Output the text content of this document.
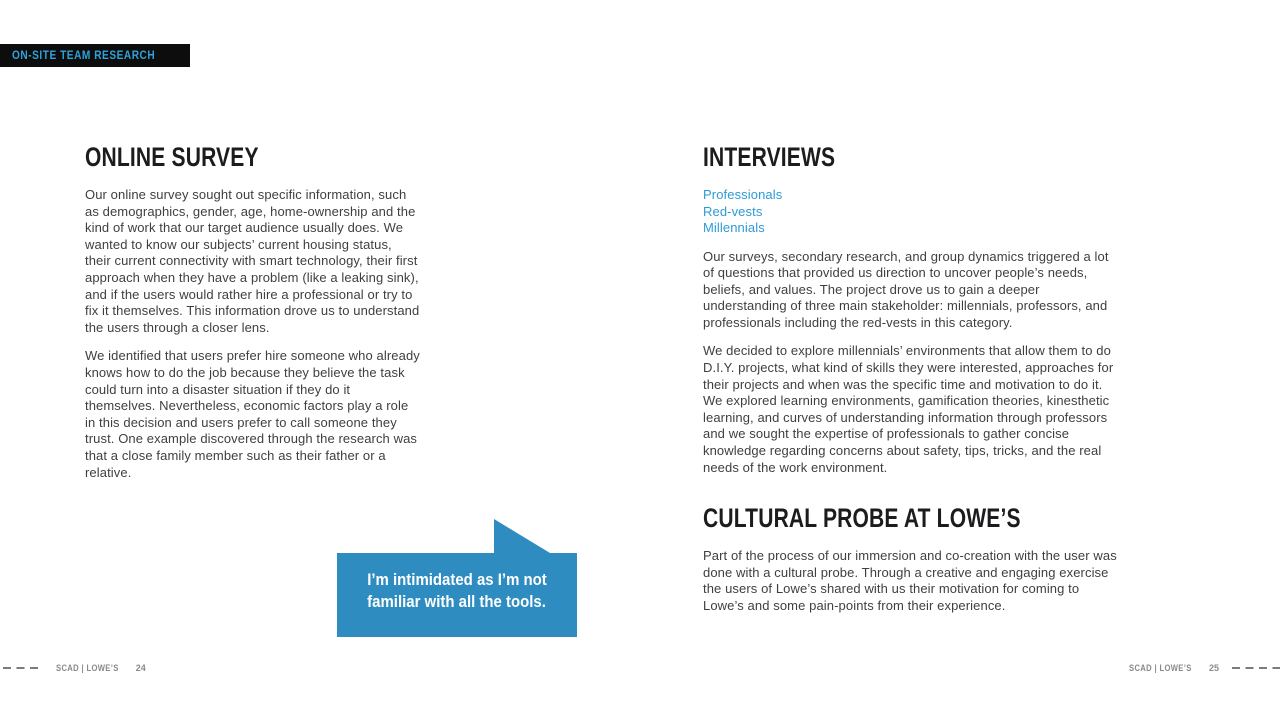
ON-SITE TEAM RESEARCH
ONLINE SURVEY

Our online survey sought out specific information, such as demographics, gender, age, home-ownership and the kind of work that our target audience usually does. We wanted to know our subjects’ current housing status, their current connectivity with smart technology, their first approach when they have a problem (like a leaking sink), and if the users would rather hire a professional or try to fix it themselves. This information drove us to understand the users through a closer lens.

We identified that users prefer hire someone who already knows how to do the job because they believe the task could turn into a disaster situation if they do it themselves. Nevertheless, economic factors play a role in this decision and users prefer to call someone they trust. One example discovered through the research was that a close family member such as their father or a relative.

INTERVIEWS
Professionals
Red-vests
Millennials

Our surveys, secondary research, and group dynamics triggered a lot of questions that provided us direction to uncover people’s needs, beliefs, and values. The project drove us to gain a deeper understanding of three main stakeholder: millennials, professors, and professionals including the red-vests in this category.

We decided to explore millennials’ environments that allow them to do D.I.Y. projects, what kind of skills they were interested, approaches for their projects and when was the specific time and motivation to do it. We explored learning environments, gamification theories, kinesthetic learning, and curves of understanding information through professors and we sought the expertise of professionals to gather concise knowledge regarding concerns about safety, tips, tricks, and the real needs of the work environment.

CULTURAL PROBE AT LOWE’S

Part of the process of our immersion and co-creation with the user was done with a cultural probe. Through a creative and engaging exercise the users of Lowe’s shared with us their motivation for coming to Lowe’s and some pain-points from their experience.

I’m intimidated as I’m not
familiar with all the tools.
SCAD | LOWE’S 24	SCAD | LOWE’S 25
